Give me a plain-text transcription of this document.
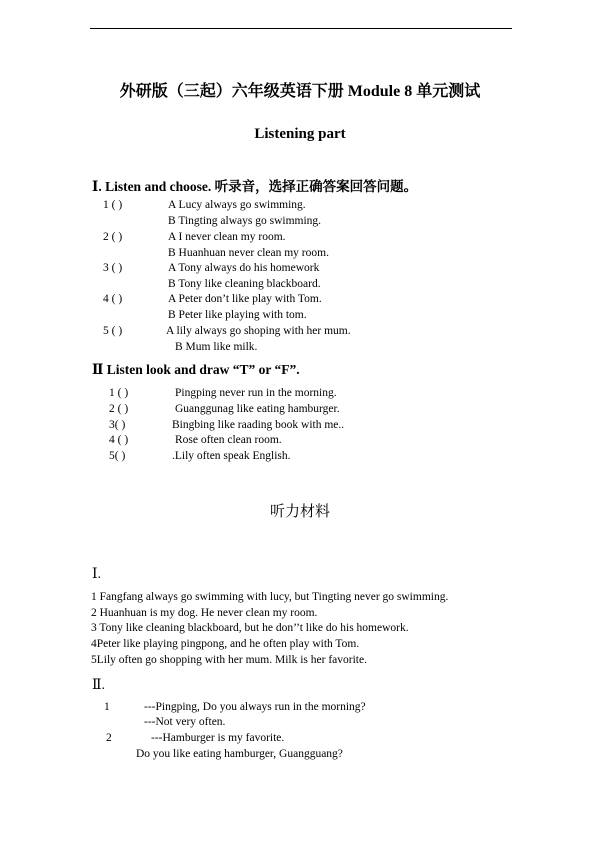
外研版（三起）六年级英语下册 Module 8 单元测试
Listening part
Ⅰ. Listen and choose. 听录音，选择正确答案回答问题。
1 ( )	A Lucy always go swimming.
B Tingting always go swimming.
2 ( )	A I never clean my room.
B Huanhuan never clean my room.
3 ( )	A Tony always do his homework
B Tony like cleaning blackboard.
4 ( )	A Peter don’t like play with Tom.
B Peter like playing with tom.
5 ( )	A lily always go shoping with her mum.
B Mum like milk.
Ⅱ Listen look and draw “T” or “F”.
1 ( )	Pingping never run in the morning.
2 ( )	Guanggunag like eating hamburger.
3( )	Bingbing like raading book with me..
4 ( )	Rose often clean room.
5( )	.Lily often speak English.
听力材料
Ⅰ.
1 Fangfang always go swimming with lucy, but Tingting never go swimming.
2 Huanhuan is my dog. He never clean my room.
3 Tony like cleaning blackboard, but he don’’t like do his homework.
4Peter like playing pingpong, and he often play with Tom.
5Lily often go shopping with her mum. Milk is her favorite.
Ⅱ.
1	---Pingping, Do you always run in the morning?
---Not very often.
2	---Hamburger is my favorite.
Do you like eating hamburger, Guangguang?
